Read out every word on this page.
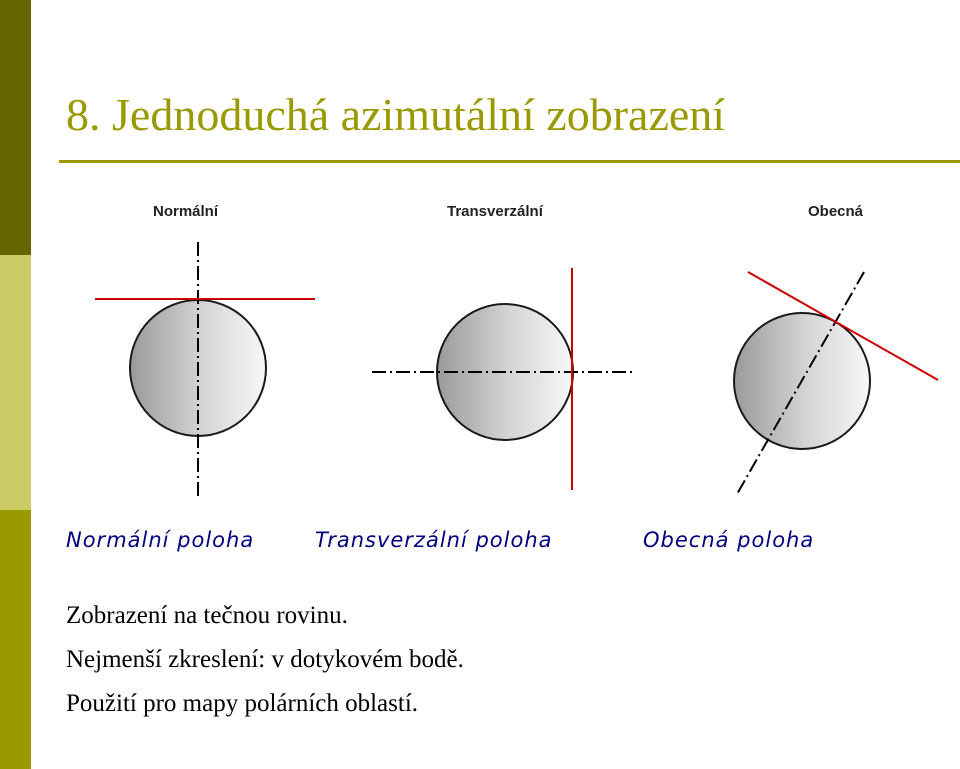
8. Jednoduchá azimutální zobrazení
Normální	Transverzální	Obecná
Normální poloha	Transverzální poloha	Obecná poloha
Zobrazení na tečnou rovinu.
Nejmenší zkreslení: v dotykovém bodě.
Použití pro mapy polárních oblastí.
